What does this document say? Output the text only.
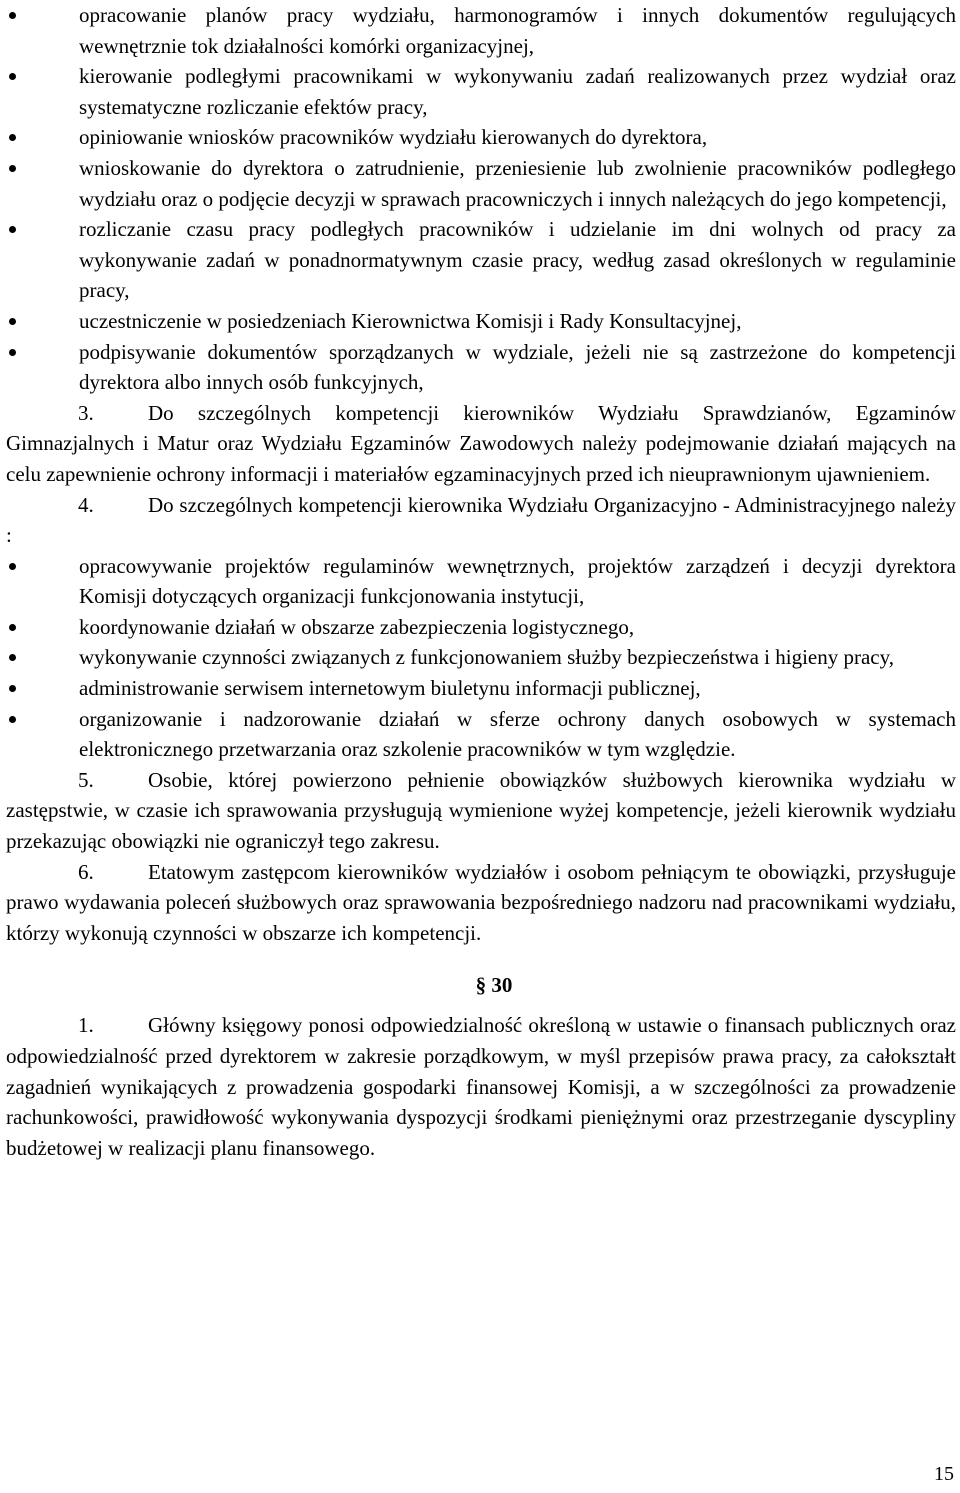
opracowanie planów pracy wydziału, harmonogramów i innych dokumentów regulujących wewnętrznie tok działalności komórki organizacyjnej,
kierowanie podległymi pracownikami w wykonywaniu zadań realizowanych przez wydział oraz systematyczne rozliczanie efektów pracy,
opiniowanie wniosków pracowników wydziału kierowanych do dyrektora,
wnioskowanie do dyrektora o zatrudnienie, przeniesienie lub zwolnienie pracowników podległego wydziału oraz o podjęcie decyzji w sprawach pracowniczych i innych należących do jego kompetencji,
rozliczanie czasu pracy podległych pracowników i udzielanie im dni wolnych od pracy za wykonywanie zadań w ponadnormatywnym czasie pracy, według zasad określonych w regulaminie pracy,
uczestniczenie w posiedzeniach Kierownictwa Komisji i Rady Konsultacyjnej,
podpisywanie dokumentów sporządzanych w wydziale, jeżeli nie są zastrzeżone do kompetencji dyrektora albo innych osób funkcyjnych,

3.	Do szczególnych kompetencji kierowników Wydziału Sprawdzianów, Egzaminów Gimnazjalnych i Matur oraz Wydziału Egzaminów Zawodowych należy podejmowanie działań mających na celu zapewnienie ochrony informacji i materiałów egzaminacyjnych przed ich nieuprawnionym ujawnieniem.

4.	Do szczególnych kompetencji kierownika Wydziału Organizacyjno - Administracyjnego należy :

opracowywanie projektów regulaminów wewnętrznych, projektów zarządzeń i decyzji dyrektora Komisji dotyczących organizacji funkcjonowania instytucji,
koordynowanie działań w obszarze zabezpieczenia logistycznego,
wykonywanie czynności związanych z funkcjonowaniem służby bezpieczeństwa i higieny pracy,
administrowanie serwisem internetowym biuletynu informacji publicznej,
organizowanie i nadzorowanie działań w sferze ochrony danych osobowych w systemach elektronicznego przetwarzania oraz szkolenie pracowników w tym względzie.

5.	Osobie, której powierzono pełnienie obowiązków służbowych kierownika wydziału w zastępstwie, w czasie ich sprawowania przysługują wymienione wyżej kompetencje, jeżeli kierownik wydziału przekazując obowiązki nie ograniczył tego zakresu.

6.	Etatowym zastępcom kierowników wydziałów i osobom pełniącym te obowiązki, przysługuje prawo wydawania poleceń służbowych oraz sprawowania bezpośredniego nadzoru nad pracownikami wydziału, którzy wykonują czynności w obszarze ich kompetencji.

§ 30

1.	Główny księgowy ponosi odpowiedzialność określoną w ustawie o finansach publicznych oraz odpowiedzialność przed dyrektorem w zakresie porządkowym, w myśl przepisów prawa pracy, za całokształt zagadnień wynikających z prowadzenia gospodarki finansowej Komisji, a w szczególności za prowadzenie rachunkowości, prawidłowość wykonywania dyspozycji środkami pieniężnymi oraz przestrzeganie dyscypliny budżetowej w realizacji planu finansowego.

15
